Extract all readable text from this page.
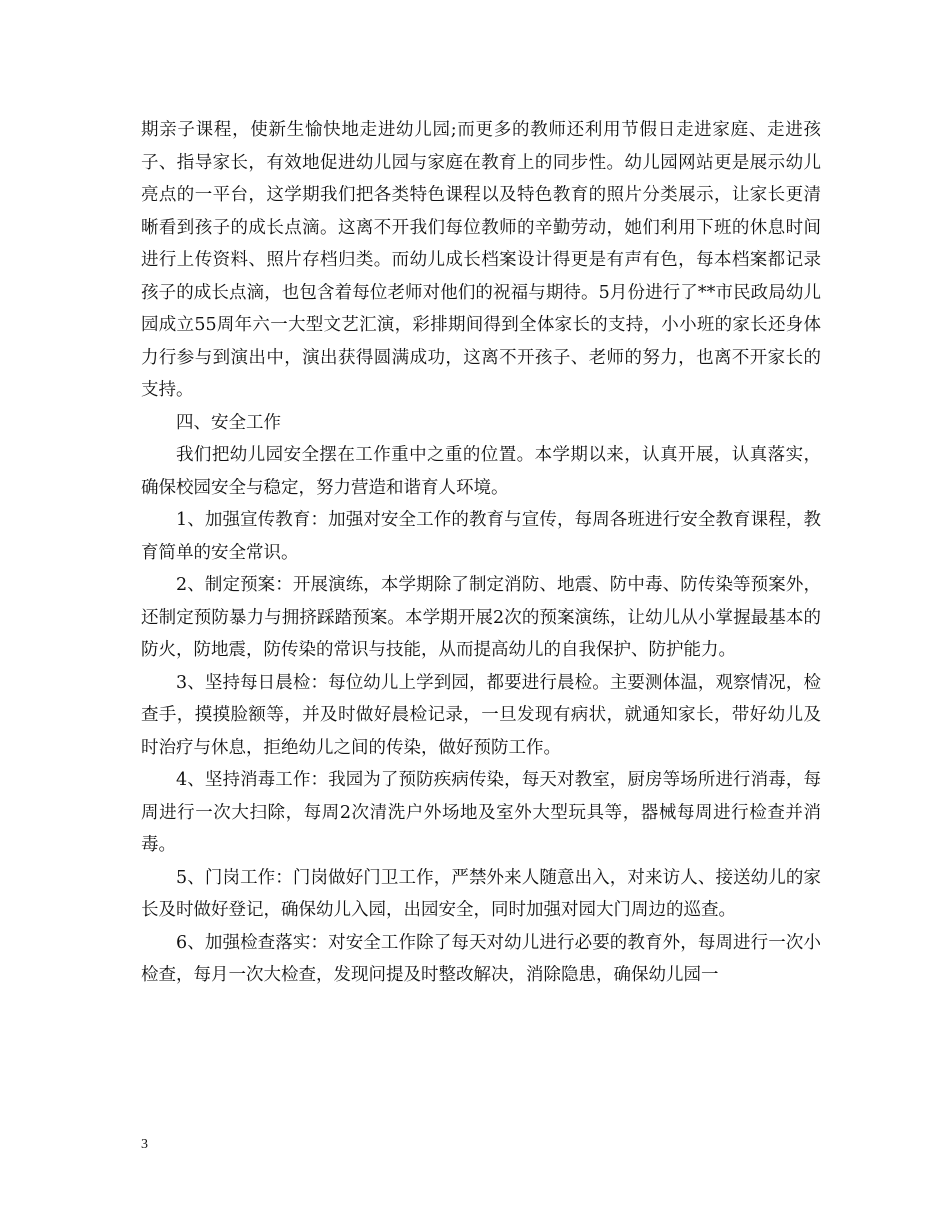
期亲子课程，使新生愉快地走进幼儿园;而更多的教师还利用节假日走进家庭、走进孩子、指导家长，有效地促进幼儿园与家庭在教育上的同步性。幼儿园网站更是展示幼儿亮点的一平台，这学期我们把各类特色课程以及特色教育的照片分类展示，让家长更清晰看到孩子的成长点滴。这离不开我们每位教师的辛勤劳动，她们利用下班的休息时间进行上传资料、照片存档归类。而幼儿成长档案设计得更是有声有色，每本档案都记录孩子的成长点滴，也包含着每位老师对他们的祝福与期待。5月份进行了**市民政局幼儿园成立55周年六一大型文艺汇演，彩排期间得到全体家长的支持，小小班的家长还身体力行参与到演出中，演出获得圆满成功，这离不开孩子、老师的努力，也离不开家长的支持。

四、安全工作

我们把幼儿园安全摆在工作重中之重的位置。本学期以来，认真开展，认真落实，确保校园安全与稳定，努力营造和谐育人环境。

1、加强宣传教育：加强对安全工作的教育与宣传，每周各班进行安全教育课程，教育简单的安全常识。

2、制定预案：开展演练，本学期除了制定消防、地震、防中毒、防传染等预案外，还制定预防暴力与拥挤踩踏预案。本学期开展2次的预案演练，让幼儿从小掌握最基本的防火，防地震，防传染的常识与技能，从而提高幼儿的自我保护、防护能力。

3、坚持每日晨检：每位幼儿上学到园，都要进行晨检。主要测体温，观察情况，检查手，摸摸脸额等，并及时做好晨检记录，一旦发现有病状，就通知家长，带好幼儿及时治疗与休息，拒绝幼儿之间的传染，做好预防工作。

4、坚持消毒工作：我园为了预防疾病传染，每天对教室，厨房等场所进行消毒，每周进行一次大扫除，每周2次清洗户外场地及室外大型玩具等，器械每周进行检查并消毒。

5、门岗工作：门岗做好门卫工作，严禁外来人随意出入，对来访人、接送幼儿的家长及时做好登记，确保幼儿入园，出园安全，同时加强对园大门周边的巡查。

6、加强检查落实：对安全工作除了每天对幼儿进行必要的教育外，每周进行一次小检查，每月一次大检查，发现问提及时整改解决，消除隐患，确保幼儿园一

3
